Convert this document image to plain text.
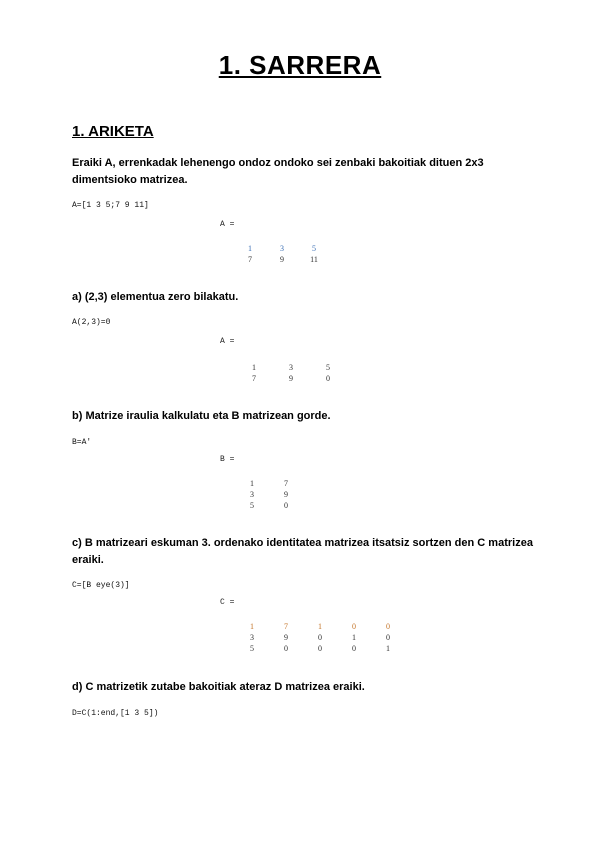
1. SARRERA
1. ARIKETA
Eraiki A, errenkadak lehenengo ondoz ondoko sei zenbaki bakoitiak dituen 2x3 dimentsioko matrizea.
A=[1 3 5;7 9 11]
A =
1	3	5
7	9	11
a) (2,3) elementua zero bilakatu.
A(2,3)=0
A =
1	3	5
7	9	0
b) Matrize iraulia kalkulatu eta B matrizean gorde.
B=A'
B =
1	7
3	9
5	0
c) B matrizeari eskuman 3. ordenako identitatea matrizea itsatsiz sortzen den C matrizea eraiki.
C=[B eye(3)]
C =
1	7	1	0	0
3	9	0	1	0
5	0	0	0	1
d) C matrizetik zutabe bakoitiak ateraz D matrizea eraiki.
D=C(1:end,[1 3 5])
